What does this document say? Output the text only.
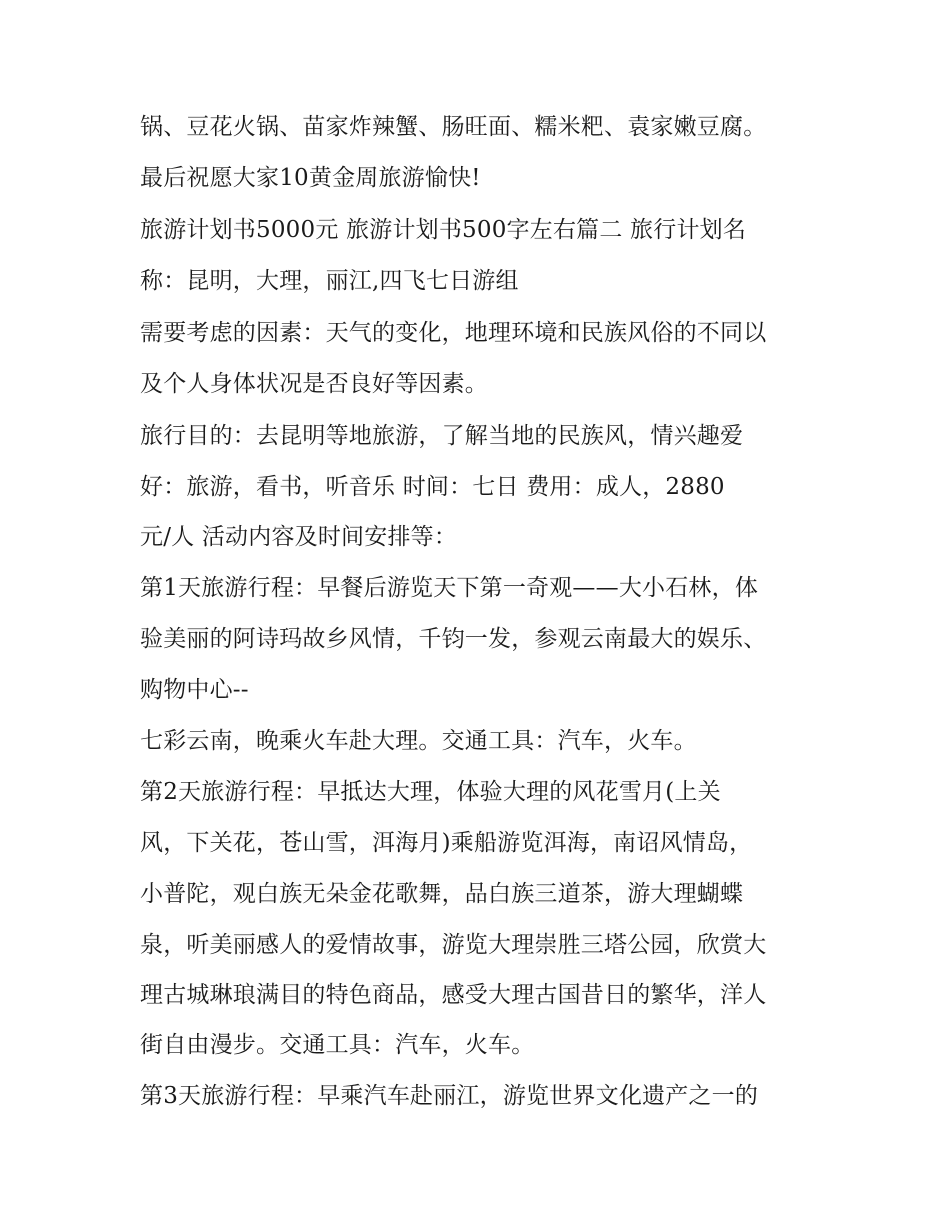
锅、豆花火锅、苗家炸辣蟹、肠旺面、糯米粑、袁家嫩豆腐。
最后祝愿大家10黄金周旅游愉快!
旅游计划书5000元 旅游计划书500字左右篇二 旅行计划名
称：昆明，大理，丽江,四飞七日游组
需要考虑的因素：天气的变化，地理环境和民族风俗的不同以
及个人身体状况是否良好等因素。
旅行目的：去昆明等地旅游，了解当地的民族风，情兴趣爱
好：旅游，看书，听音乐 时间：七日 费用：成人，2880
元/人 活动内容及时间安排等：
第1天旅游行程：早餐后游览天下第一奇观——大小石林，体
验美丽的阿诗玛故乡风情，千钧一发，参观云南最大的娱乐、
购物中心--
七彩云南，晚乘火车赴大理。交通工具：汽车，火车。
第2天旅游行程：早抵达大理，体验大理的风花雪月(上关
风，下关花，苍山雪，洱海月)乘船游览洱海，南诏风情岛，
小普陀，观白族无朵金花歌舞，品白族三道茶，游大理蝴蝶
泉，听美丽感人的爱情故事，游览大理崇胜三塔公园，欣赏大
理古城琳琅满目的特色商品，感受大理古国昔日的繁华，洋人
街自由漫步。交通工具：汽车，火车。
第3天旅游行程：早乘汽车赴丽江，游览世界文化遗产之一的
